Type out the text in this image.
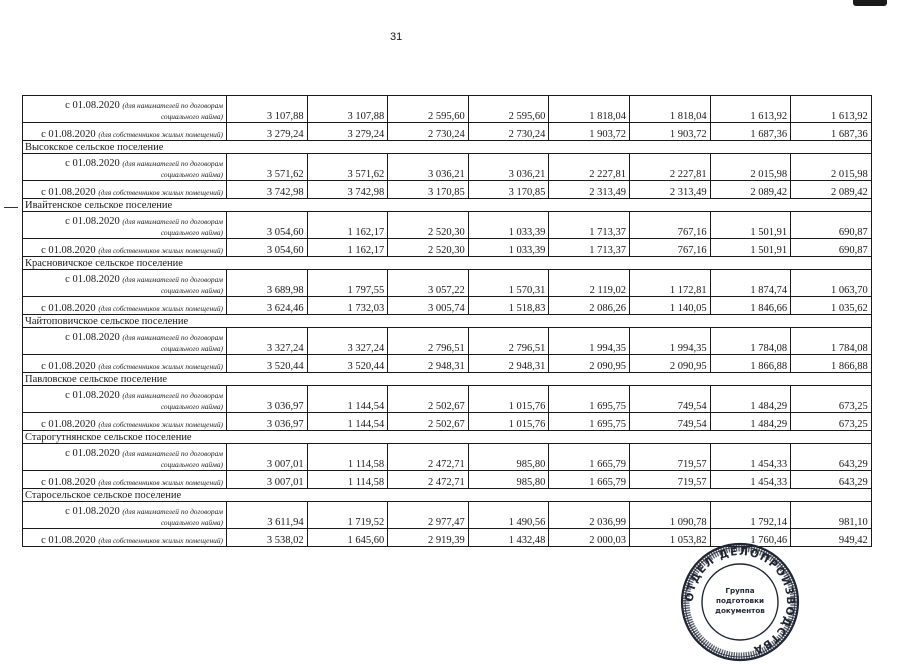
31
с 01.08.2020 (для нанимателей по договорам
социального найма)	3 107,88	3 107,88	2 595,60	2 595,60	1 818,04	1 818,04	1 613,92	1 613,92
с 01.08.2020 (для собственников жилых помещений)	3 279,24	3 279,24	2 730,24	2 730,24	1 903,72	1 903,72	1 687,36	1 687,36
Высокское сельское поселение								
с 01.08.2020 (для нанимателей по договорам
социального найма)	3 571,62	3 571,62	3 036,21	3 036,21	2 227,81	2 227,81	2 015,98	2 015,98
с 01.08.2020 (для собственников жилых помещений)	3 742,98	3 742,98	3 170,85	3 170,85	2 313,49	2 313,49	2 089,42	2 089,42
Ивайтенское сельское поселение								
с 01.08.2020 (для нанимателей по договорам
социального найма)	3 054,60	1 162,17	2 520,30	1 033,39	1 713,37	767,16	1 501,91	690,87
с 01.08.2020 (для собственников жилых помещений)	3 054,60	1 162,17	2 520,30	1 033,39	1 713,37	767,16	1 501,91	690,87
Красновичское сельское поселение								
с 01.08.2020 (для нанимателей по договорам
социального найма)	3 689,98	1 797,55	3 057,22	1 570,31	2 119,02	1 172,81	1 874,74	1 063,70
с 01.08.2020 (для собственников жилых помещений)	3 624,46	1 732,03	3 005,74	1 518,83	2 086,26	1 140,05	1 846,66	1 035,62
Чайтоповичское сельское поселение								
с 01.08.2020 (для нанимателей по договорам
социального найма)	3 327,24	3 327,24	2 796,51	2 796,51	1 994,35	1 994,35	1 784,08	1 784,08
с 01.08.2020 (для собственников жилых помещений)	3 520,44	3 520,44	2 948,31	2 948,31	2 090,95	2 090,95	1 866,88	1 866,88
Павловское сельское поселение								
с 01.08.2020 (для нанимателей по договорам
социального найма)	3 036,97	1 144,54	2 502,67	1 015,76	1 695,75	749,54	1 484,29	673,25
с 01.08.2020 (для собственников жилых помещений)	3 036,97	1 144,54	2 502,67	1 015,76	1 695,75	749,54	1 484,29	673,25
Старогутнянское сельское поселение								
с 01.08.2020 (для нанимателей по договорам
социального найма)	3 007,01	1 114,58	2 472,71	985,80	1 665,79	719,57	1 454,33	643,29
с 01.08.2020 (для собственников жилых помещений)	3 007,01	1 114,58	2 472,71	985,80	1 665,79	719,57	1 454,33	643,29
Старосельское сельское поселение								
с 01.08.2020 (для нанимателей по договорам
социального найма)	3 611,94	1 719,52	2 977,47	1 490,56	2 036,99	1 090,78	1 792,14	981,10
с 01.08.2020 (для собственников жилых помещений)	3 538,02	1 645,60	2 919,39	1 432,48	2 000,03	1 053,82	1 760,46	949,42
ОТДЕЛ ДЕЛОПРОИЗВОДСТВА
Группа
подготовки
документов
